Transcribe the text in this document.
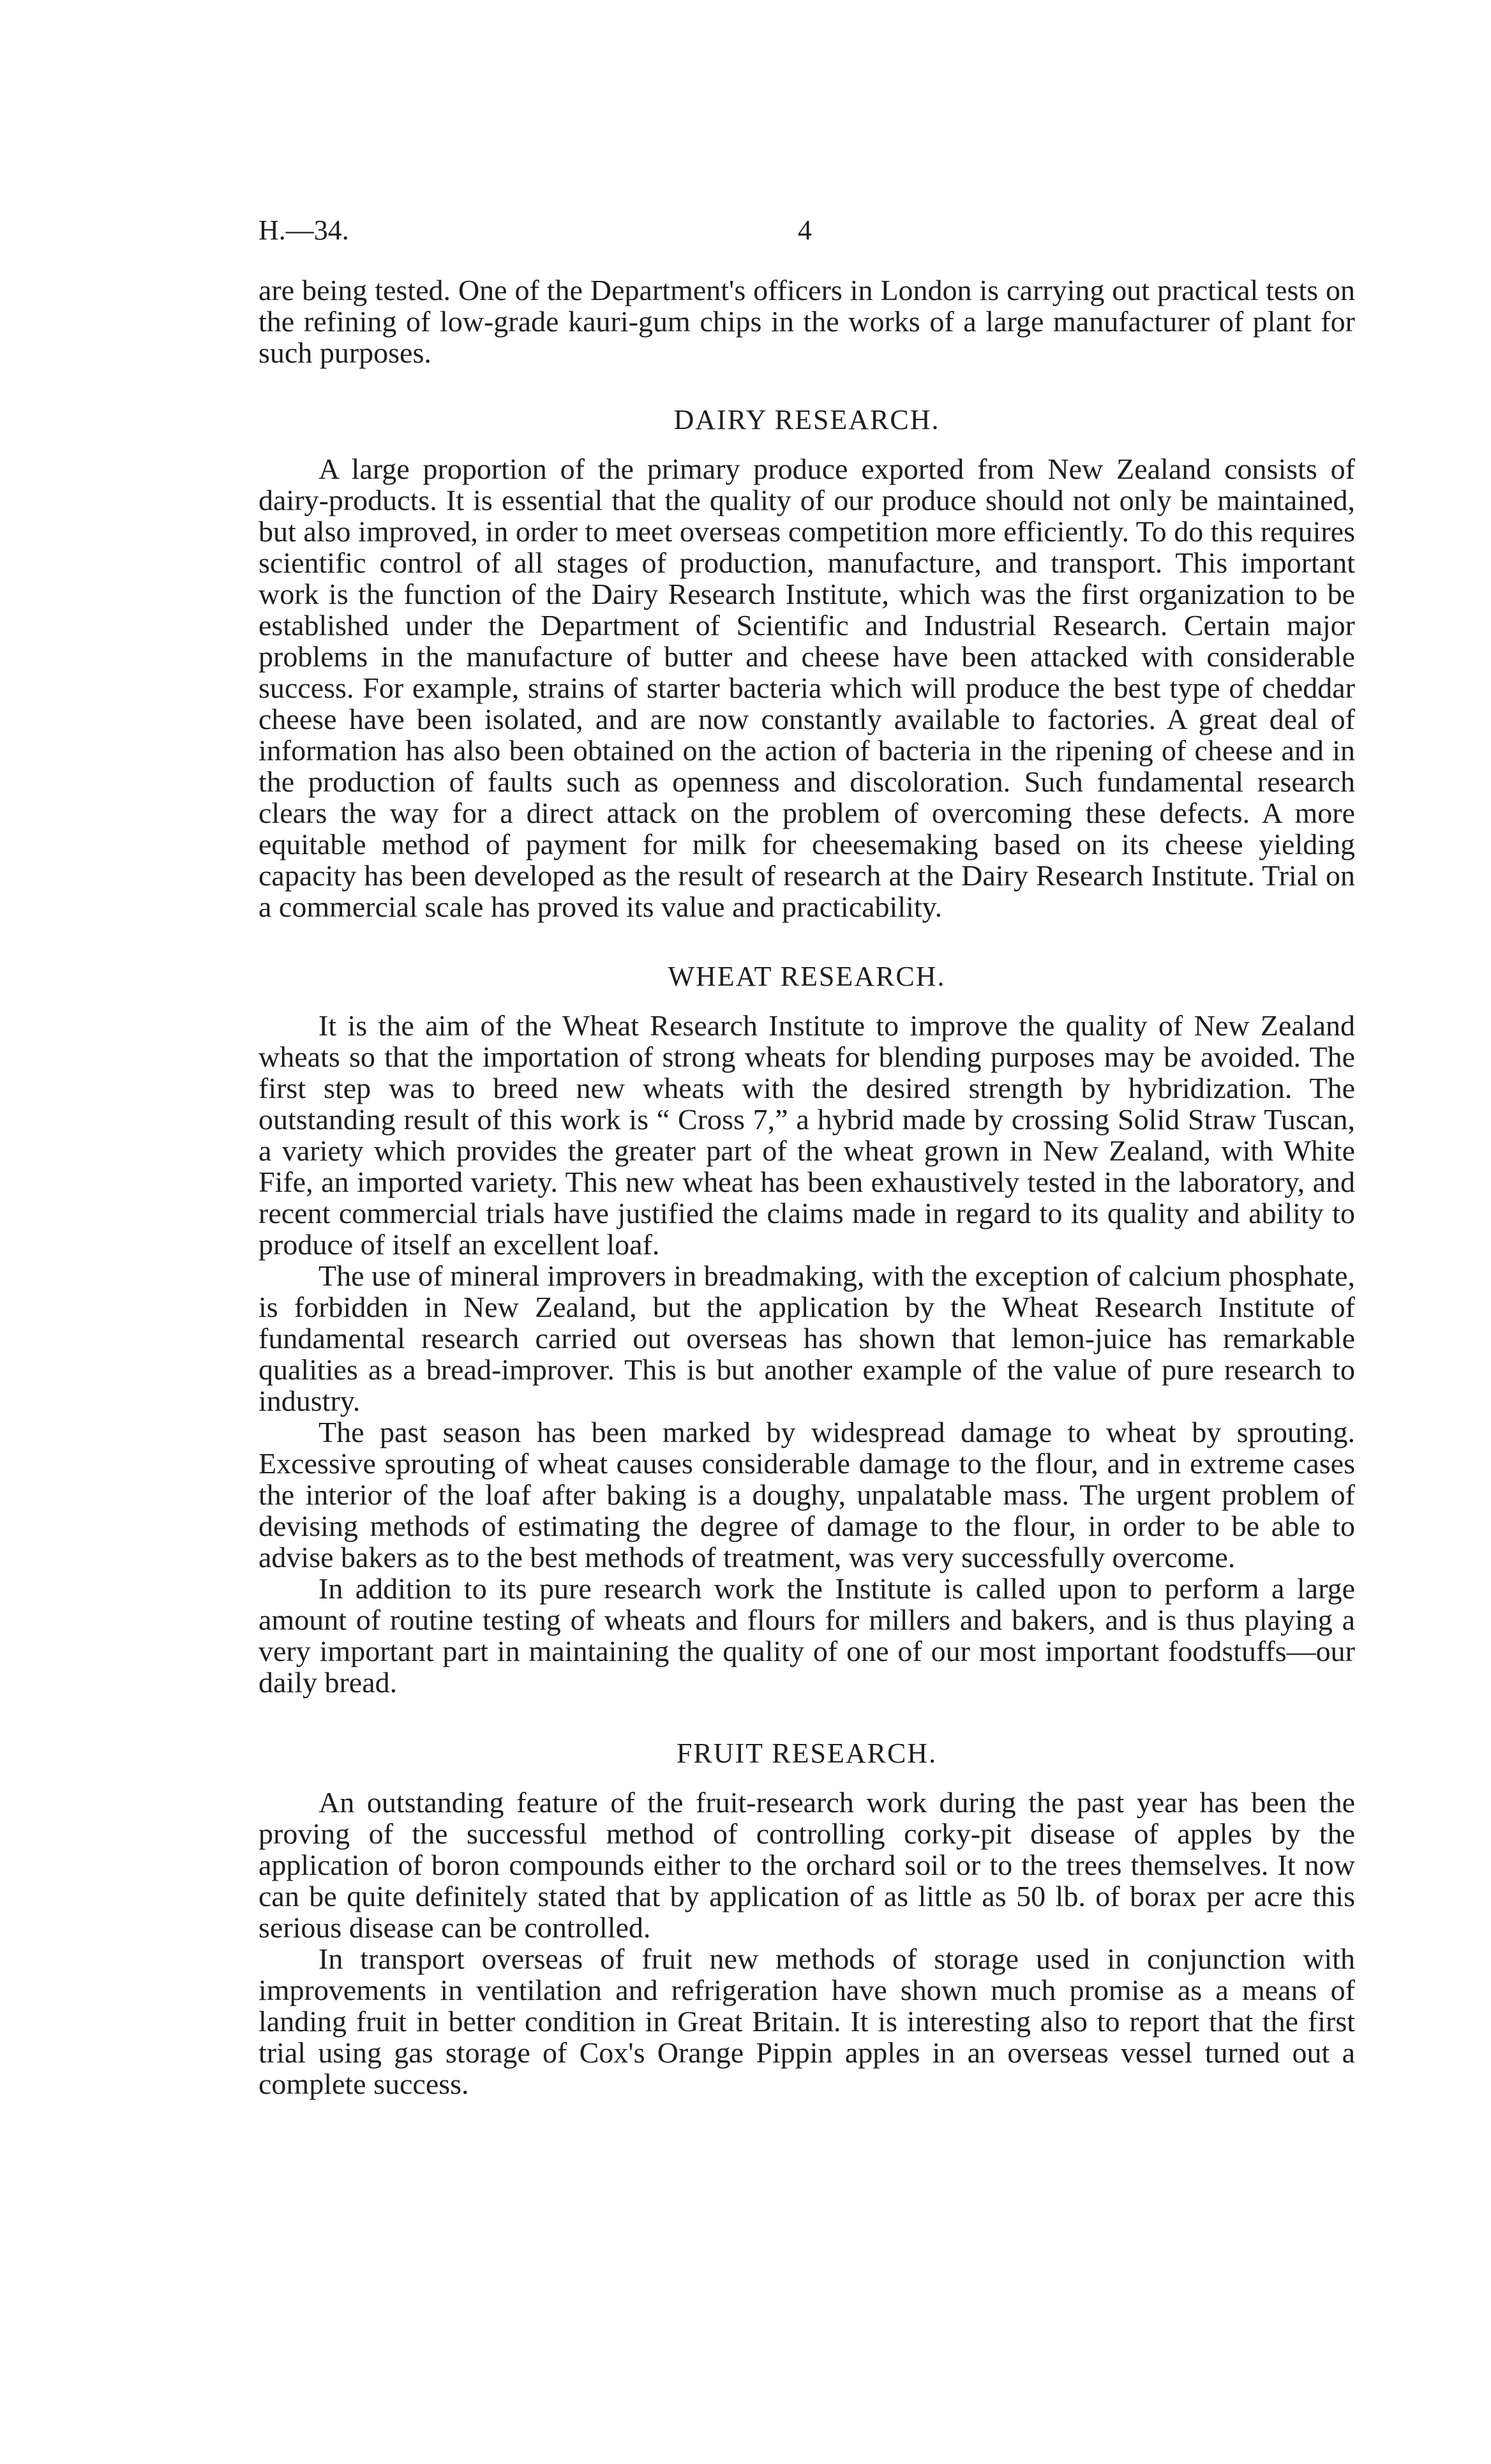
H.—34.	4

are being tested. One of the Department's officers in London is carrying out practical tests on the refining of low-grade kauri-gum chips in the works of a large manufacturer of plant for such purposes.

DAIRY RESEARCH.

A large proportion of the primary produce exported from New Zealand consists of dairy-products. It is essential that the quality of our produce should not only be maintained, but also improved, in order to meet overseas competition more efficiently. To do this requires scientific control of all stages of production, manufacture, and transport. This important work is the function of the Dairy Research Institute, which was the first organization to be established under the Department of Scientific and Industrial Research. Certain major problems in the manufacture of butter and cheese have been attacked with considerable success. For example, strains of starter bacteria which will produce the best type of cheddar cheese have been isolated, and are now constantly available to factories. A great deal of information has also been obtained on the action of bacteria in the ripening of cheese and in the production of faults such as openness and discoloration. Such fundamental research clears the way for a direct attack on the problem of overcoming these defects. A more equitable method of payment for milk for cheesemaking based on its cheese yielding capacity has been developed as the result of research at the Dairy Research Institute. Trial on a commercial scale has proved its value and practicability.

WHEAT RESEARCH.

It is the aim of the Wheat Research Institute to improve the quality of New Zealand wheats so that the importation of strong wheats for blending purposes may be avoided. The first step was to breed new wheats with the desired strength by hybridization. The outstanding result of this work is “ Cross 7,” a hybrid made by crossing Solid Straw Tuscan, a variety which provides the greater part of the wheat grown in New Zealand, with White Fife, an imported variety. This new wheat has been exhaustively tested in the laboratory, and recent commercial trials have justified the claims made in regard to its quality and ability to produce of itself an excellent loaf.

The use of mineral improvers in breadmaking, with the exception of calcium phosphate, is forbidden in New Zealand, but the application by the Wheat Research Institute of fundamental research carried out overseas has shown that lemon-juice has remarkable qualities as a bread-improver. This is but another example of the value of pure research to industry.

The past season has been marked by widespread damage to wheat by sprouting. Excessive sprouting of wheat causes considerable damage to the flour, and in extreme cases the interior of the loaf after baking is a doughy, unpalatable mass. The urgent problem of devising methods of estimating the degree of damage to the flour, in order to be able to advise bakers as to the best methods of treatment, was very successfully overcome.

In addition to its pure research work the Institute is called upon to perform a large amount of routine testing of wheats and flours for millers and bakers, and is thus playing a very important part in maintaining the quality of one of our most important foodstuffs—our daily bread.

FRUIT RESEARCH.

An outstanding feature of the fruit-research work during the past year has been the proving of the successful method of controlling corky-pit disease of apples by the application of boron compounds either to the orchard soil or to the trees themselves. It now can be quite definitely stated that by application of as little as 50 lb. of borax per acre this serious disease can be controlled.

In transport overseas of fruit new methods of storage used in conjunction with improvements in ventilation and refrigeration have shown much promise as a means of landing fruit in better condition in Great Britain. It is interesting also to report that the first trial using gas storage of Cox's Orange Pippin apples in an overseas vessel turned out a complete success.
